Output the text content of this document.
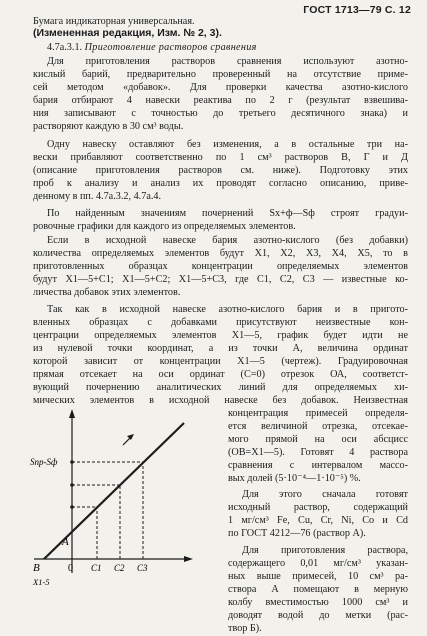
ГОСТ 1713—79 С. 12
Бумага индикаторная универсальная.
(Измененная редакция, Изм. № 2, 3).
4.7а.3.1. Приготовление растворов сравнения
Для приготовления растворов сравнения используют азотно-
кислый барий, предварительно проверенный на отсутствие приме-
сей методом «добавок». Для проверки качества азотно-кислого
бария отбирают 4 навески реактива по 2 г (результат взвешива-
ния записывают с точностью до третьего десятичного знака) и
растворяют каждую в 30 см³ воды.
Одну навеску оставляют без изменения, а в остальные три на-
вески прибавляют соответственно по 1 см³ растворов В, Г и Д
(описание приготовления растворов см. ниже). Подготовку этих
проб к анализу и анализ их проводят согласно описанию, приве-
денному в пп. 4.7а.3.2, 4.7а.4.
По найденным значениям почернений Sx+ф—Sф строят градуи-
ровочные графики для каждого из определяемых элементов.
Если в исходной навеске бария азотно-кислого (без добавки)
количества определяемых элементов будут X1, X2, X3, X4, X5, то в
приготовленных образцах концентрации определяемых элементов
будут X1—5+C1; X1—5+C2; X1—5+C3, где C1, C2, C3 — известные ко-
личества добавок этих элементов.
Так как в исходной навеске азотно-кислого бария и в пригото-
вленных образцах с добавками присутствуют неизвестные кон-
центрации определяемых элементов X1—5, график будет идти не
из нулевой точки координат, а из точки А, величина ординат
которой зависит от концентрации X1—5 (чертеж). Градуировочная
прямая отсекает на оси ординат (С=0) отрезок ОА, соответст-
вующий почернению аналитических линий для определяемых хи-
мических элементов в исходной навеске без добавок. Неизвестная
концентрация примесей определя-
ется величиной отрезка, отсекае-
мого прямой на оси абсцисс
(OB=X1—5). Готовят 4 раствора
сравнения с интервалом массо-
вых долей (5·10⁻⁴—1·10⁻⁵) %.
Для этого сначала готовят
исходный раствор, содержащий
1 мг/см³ Fe, Cu, Cr, Ni, Co и Cd
по ГОСТ 4212—76 (раствор А).
Для приготовления раствора,
содержащего 0,01 мг/см³ указан-
ных выше примесей, 10 см³ ра-
створа А помещают в мерную
колбу вместимостью 1000 см³ и
доводят водой до метки (рас-
твор Б).
Sпр-Sф
A
B	0
X1-5
C1 C2 C3
